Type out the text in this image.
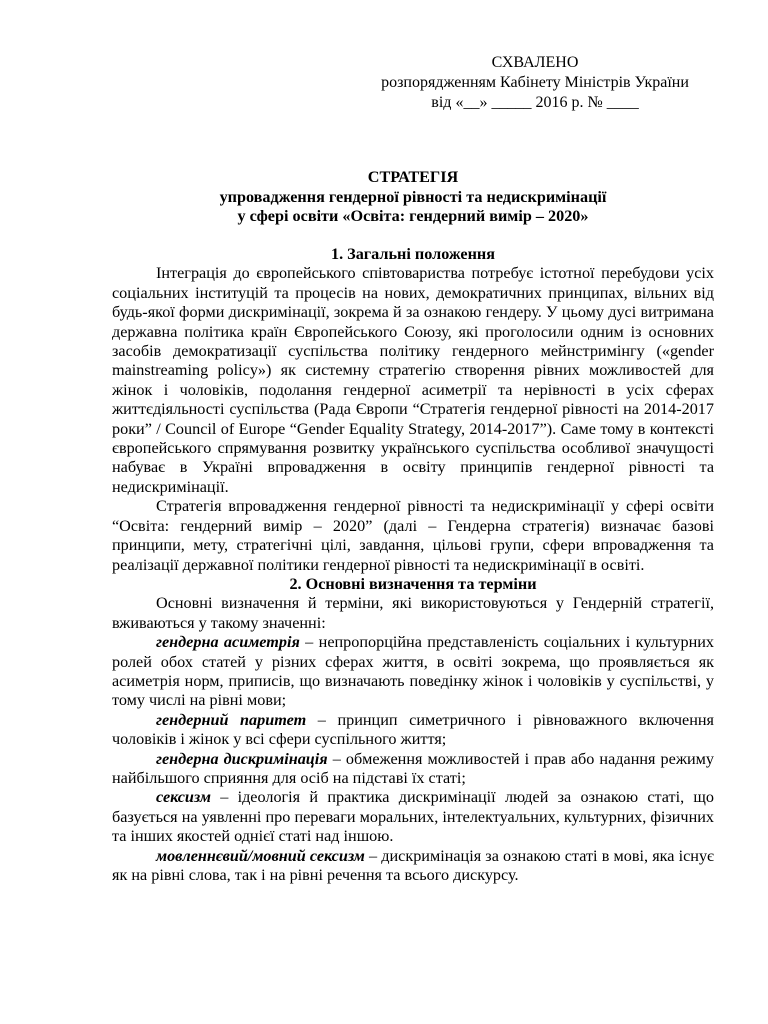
СХВАЛЕНО
розпорядженням Кабінету Міністрів України
від «__» _____ 2016 р. № ____
СТРАТЕГІЯ
упровадження гендерної рівності та недискримінації
у сфері освіти «Освіта: гендерний вимір – 2020»
1. Загальні положення

Інтеграція до європейського співтовариства потребує істотної перебудови усіх соціальних інституцій та процесів на нових, демократичних принципах, вільних від будь-якої форми дискримінації, зокрема й за ознакою гендеру. У цьому дусі витримана державна політика країн Європейського Союзу, які проголосили одним із основних засобів демократизації суспільства політику гендерного мейнстримінгу («gender mainstreaming policy») як системну стратегію створення рівних можливостей для жінок і чоловіків, подолання гендерної асиметрії та нерівності в усіх сферах життєдіяльності суспільства (Рада Європи “Стратегія гендерної рівності на 2014-2017 роки” / Council of Europe “Gender Equality Strategy, 2014-2017”). Саме тому в контексті європейського спрямування розвитку українського суспільства особливої значущості набуває в Україні впровадження в освіту принципів гендерної рівності та недискримінації.

Стратегія впровадження гендерної рівності та недискримінації у сфері освіти “Освіта: гендерний вимір – 2020” (далі – Гендерна стратегія) визначає базові принципи, мету, стратегічні цілі, завдання, цільові групи, сфери впровадження та реалізації державної політики гендерної рівності та недискримінації в освіті.

2. Основні визначення та терміни

Основні визначення й терміни, які використовуються у Гендерній стратегії, вживаються у такому значенні:

гендерна асиметрія – непропорційна представленість соціальних і культурних ролей обох статей у різних сферах життя, в освіті зокрема, що проявляється як асиметрія норм, приписів, що визначають поведінку жінок і чоловіків у суспільстві, у тому числі на рівні мови;

гендерний паритет – принцип симетричного і рівноважного включення чоловіків і жінок у всі сфери суспільного життя;

гендерна дискримінація – обмеження можливостей і прав або надання режиму найбільшого сприяння для осіб на підставі їх статі;

сексизм – ідеологія й практика дискримінації людей за ознакою статі, що базується на уявленні про переваги моральних, інтелектуальних, культурних, фізичних та інших якостей однієї статі над іншою.

мовленнєвий/мовний сексизм – дискримінація за ознакою статі в мові, яка існує як на рівні слова, так і на рівні речення та всього дискурсу.
